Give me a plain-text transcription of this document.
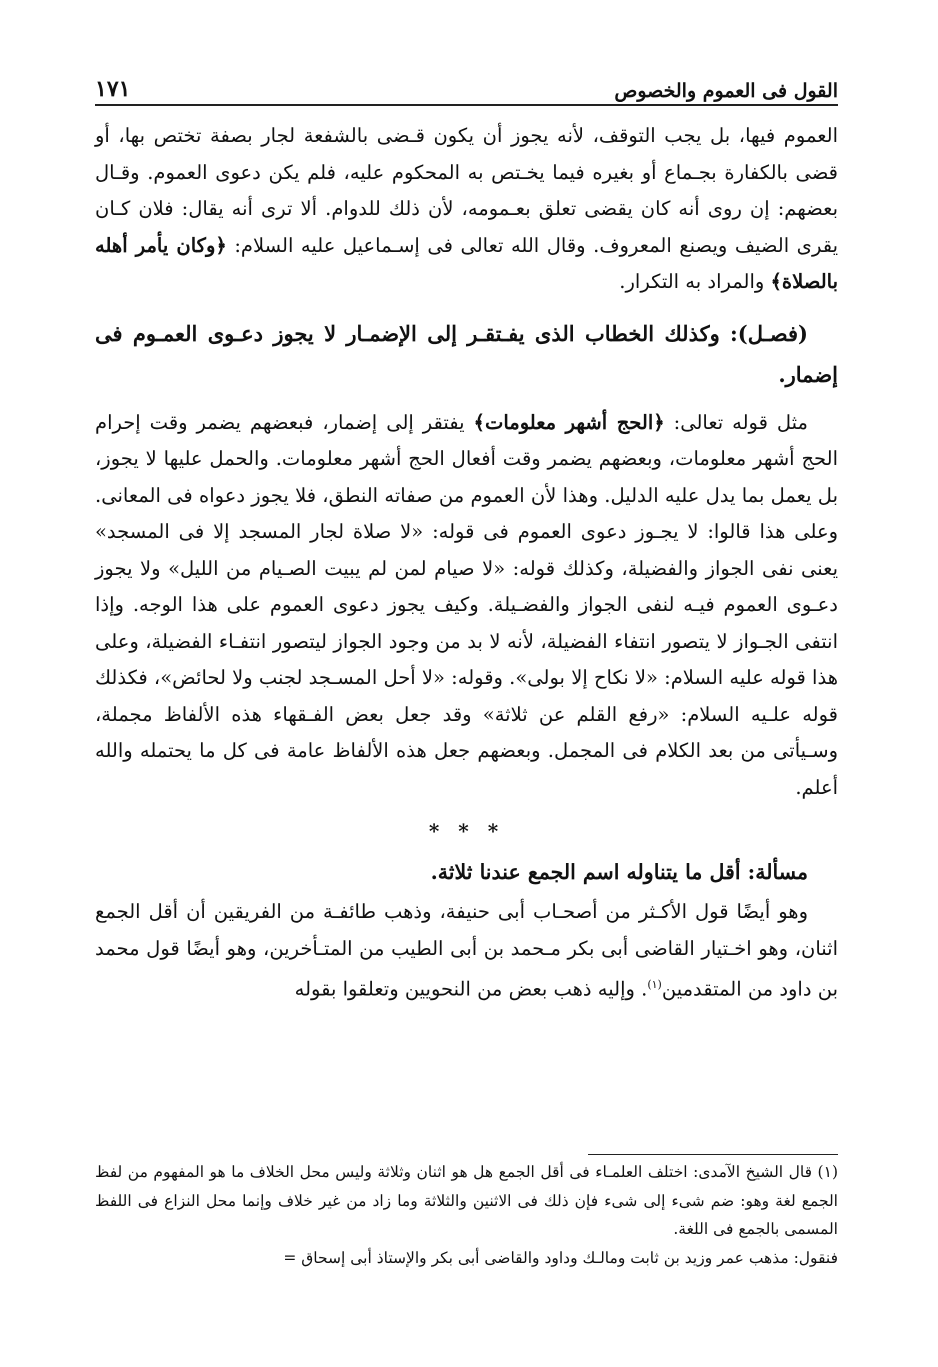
القول فى العموم والخصوص
١٧١

العموم فيها، بل يجب التوقف، لأنه يجوز أن يكون قـضى بالشفعة لجار بصفة تختص بها، أو قضى بالكفارة بجـماع أو بغيره فيما يخـتص به المحكوم عليه، فلم يكن دعوى العموم. وقـال بعضهم: إن روى أنه كان يقضى تعلق بعـمومه، لأن ذلك للدوام. ألا ترى أنه يقال: فلان كـان يقرى الضيف ويصنع المعروف. وقال الله تعالى فى إسـماعيل عليه السلام: ﴿وكان يأمر أهله بالصلاة﴾ والمراد به التكرار.

(فصـل): وكذلك الخطاب الذى يفـتقـر إلى الإضمـار لا يجوز دعـوى العمـوم فى إضمار.

مثل قوله تعالى: ﴿الحج أشهر معلومات﴾ يفتقر إلى إضمار، فبعضهم يضمر وقت إحرام الحج أشهر معلومات، وبعضهم يضمر وقت أفعال الحج أشهر معلومات. والحمل عليها لا يجوز، بل يعمل بما يدل عليه الدليل. وهذا لأن العموم من صفاته النطق، فلا يجوز دعواه فى المعانى. وعلى هذا قالوا: لا يجـوز دعوى العموم فى قوله: «لا صلاة لجار المسجد إلا فى المسجد» يعنى نفى الجواز والفضيلة، وكذلك قوله: «لا صيام لمن لم يبيت الصـيام من الليل» ولا يجوز دعـوى العموم فيـه لنفى الجواز والفضـيلة. وكيف يجوز دعوى العموم على هذا الوجه. وإذا انتفى الجـواز لا يتصور انتفاء الفضيلة، لأنه لا بد من وجود الجواز ليتصور انتفـاء الفضيلة، وعلى هذا قوله عليه السلام: «لا نكاح إلا بولى». وقوله: «لا أحل المسـجد لجنب ولا لحائض»، فكذلك قوله علـيه السلام: «رفع القلم عن ثلاثة» وقد جعل بعض الفـقهاء هذه الألفاظ مجملة، وسـيأتى من بعد الكلام فى المجمل. وبعضهم جعل هذه الألفاظ عامة فى كل ما يحتمله والله أعلم.

* * *

مسألة: أقل ما يتناوله اسم الجمع عندنا ثلاثة.

وهو أيضًا قول الأكـثر من أصحـاب أبى حنيفة، وذهب طائفـة من الفريقين أن أقل الجمع اثنان، وهو اخـتيار القاضى أبى بكر مـحمد بن أبى الطيب من المتـأخرين، وهو أيضًا قول محمد بن داود من المتقدمين$^{(١)}$. وإليه ذهب بعض من النحويين وتعلقوا بقوله

(١) قال الشيخ الآمدى: اختلف العلمـاء فى أقل الجمع هل هو اثنان وثلاثة وليس محل الخلاف ما هو المفهوم من لفظ الجمع لغة وهو: ضم شىء إلى شىء فإن ذلك فى الاثنين والثلاثة وما زاد من غير خلاف وإنما محل النزاع فى اللفظ المسمى بالجمع فى اللغة.

فنقول: مذهب عمر وزيد بن ثابت ومالـك وداود والقاضى أبى بكر والإستاذ أبى إسحاق =
